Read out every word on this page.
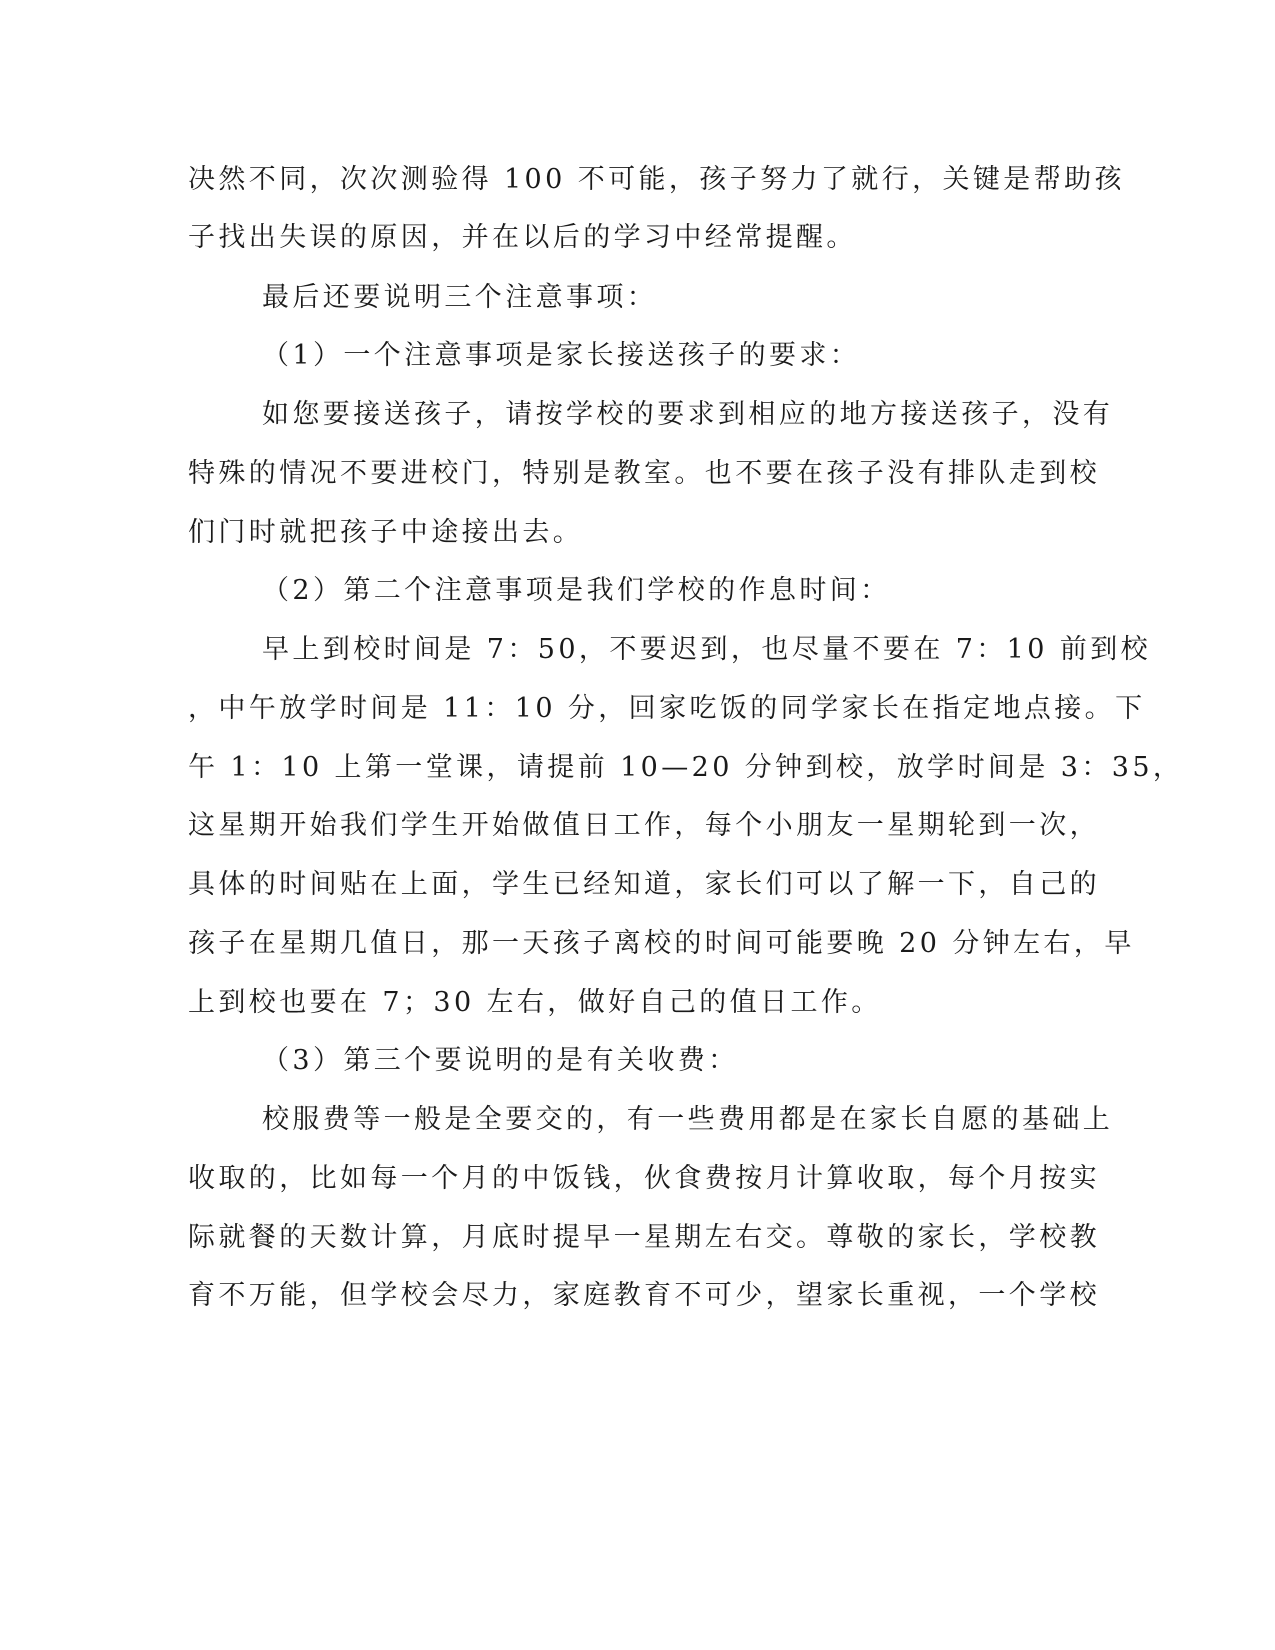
决然不同，次次测验得 100 不可能，孩子努力了就行，关键是帮助孩
子找出失误的原因，并在以后的学习中经常提醒。
最后还要说明三个注意事项：
（1）一个注意事项是家长接送孩子的要求：
如您要接送孩子，请按学校的要求到相应的地方接送孩子，没有
特殊的情况不要进校门，特别是教室。也不要在孩子没有排队走到校
们门时就把孩子中途接出去。
（2）第二个注意事项是我们学校的作息时间：
早上到校时间是 7：50，不要迟到，也尽量不要在 7：10 前到校
，中午放学时间是 11：10 分，回家吃饭的同学家长在指定地点接。下
午 1：10 上第一堂课，请提前 10—20 分钟到校，放学时间是 3：35，
这星期开始我们学生开始做值日工作，每个小朋友一星期轮到一次，
具体的时间贴在上面，学生已经知道，家长们可以了解一下，自己的
孩子在星期几值日，那一天孩子离校的时间可能要晚 20 分钟左右，早
上到校也要在 7；30 左右，做好自己的值日工作。
（3）第三个要说明的是有关收费：
校服费等一般是全要交的，有一些费用都是在家长自愿的基础上
收取的，比如每一个月的中饭钱，伙食费按月计算收取，每个月按实
际就餐的天数计算，月底时提早一星期左右交。尊敬的家长，学校教
育不万能，但学校会尽力，家庭教育不可少，望家长重视，一个学校
